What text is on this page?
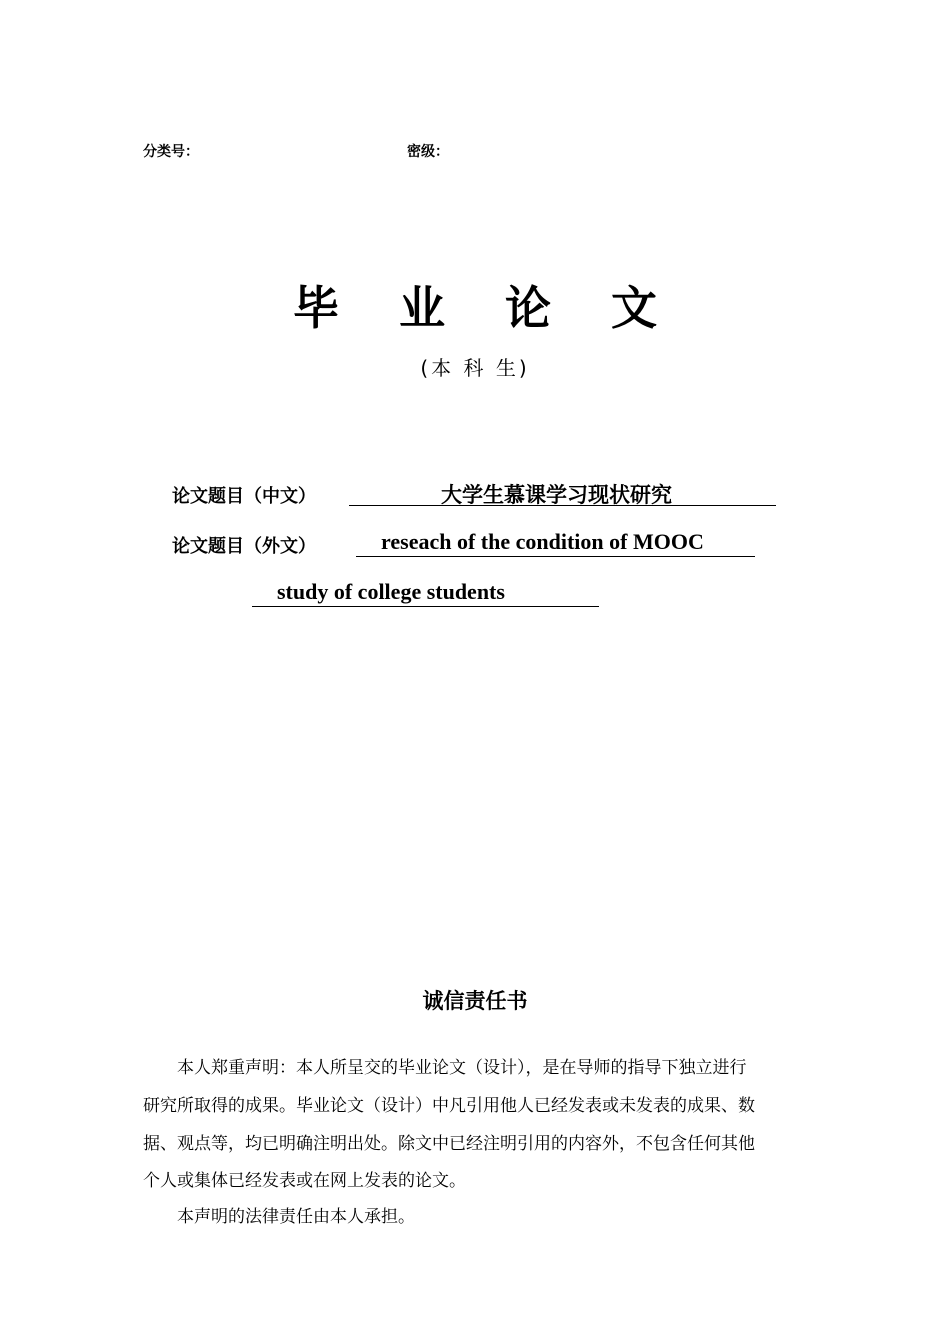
分类号：	密级：
毕 业 论 文
(本 科 生)
论文题目（中文）	大学生慕课学习现状研究
论文题目（外文）	reseach of the condition of MOOC
study of college students
诚信责任书
本人郑重声明：本人所呈交的毕业论文（设计），是在导师的指导下独立进行
研究所取得的成果。毕业论文（设计）中凡引用他人已经发表或未发表的成果、数
据、观点等，均已明确注明出处。除文中已经注明引用的内容外，不包含任何其他
个人或集体已经发表或在网上发表的论文。
本声明的法律责任由本人承担。
